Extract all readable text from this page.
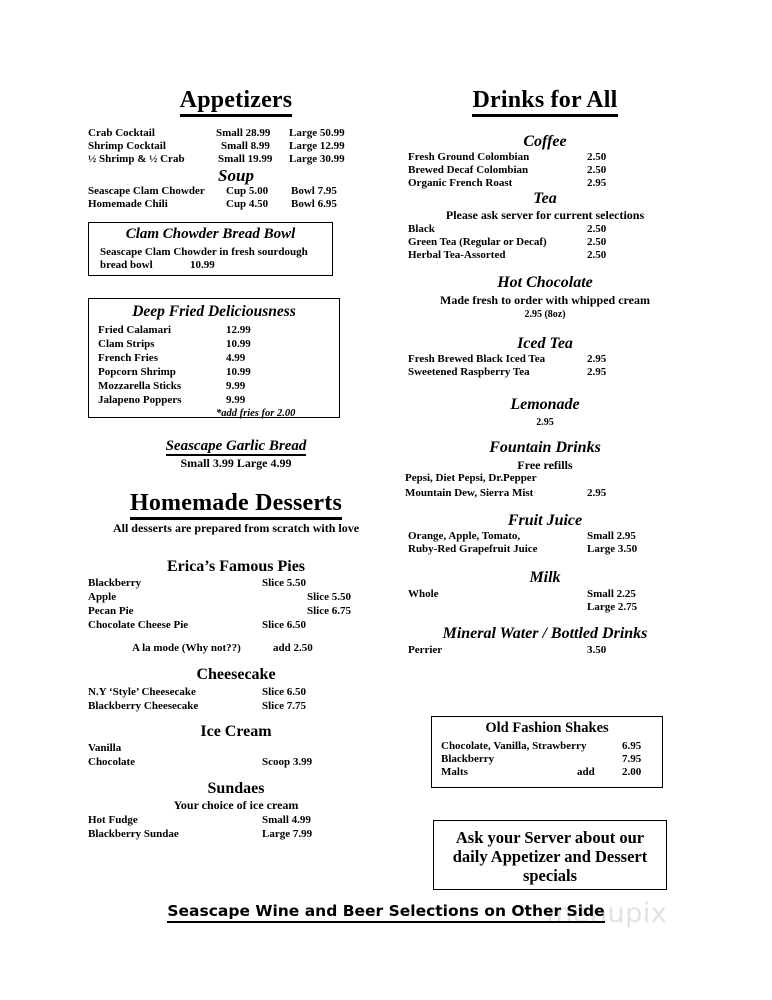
Appetizers
Crab Cocktail	Small 28.99 Large 50.99
Shrimp Cocktail	Small 8.99 Large 12.99
½ Shrimp & ½ Crab	Small 19.99 Large 30.99
Soup
Seascape Clam Chowder Cup 5.00 Bowl 7.95
Homemade Chili	Cup 4.50 Bowl 6.95
Clam Chowder Bread Bowl
Seascape Clam Chowder in fresh sourdough
bread bowl	10.99
Deep Fried Deliciousness
Fried Calamari	12.99
Clam Strips	10.99
French Fries	4.99
Popcorn Shrimp	10.99
Mozzarella Sticks	9.99
Jalapeno Poppers	9.99
*add fries for 2.00
Seascape Garlic Bread
Small 3.99 Large 4.99
Homemade Desserts
All desserts are prepared from scratch with love
Erica’s Famous Pies
Blackberry	Slice 5.50
Apple	Slice 5.50
Pecan Pie	Slice 6.75
Chocolate Cheese Pie	Slice 6.50
A la mode (Why not??)	add 2.50
Cheesecake
N.Y ‘Style’ Cheesecake	Slice 6.50
Blackberry Cheesecake	Slice 7.75
Ice Cream
Vanilla
Chocolate	Scoop 3.99
Sundaes
Your choice of ice cream
Hot Fudge	Small 4.99
Blackberry Sundae	Large 7.99
Drinks for All
Coffee
Fresh Ground Colombian	2.50
Brewed Decaf Colombian	2.50
Organic French Roast	2.95
Tea
Please ask server for current selections
Black	2.50
Green Tea (Regular or Decaf)	2.50
Herbal Tea-Assorted	2.50
Hot Chocolate
Made fresh to order with whipped cream
2.95 (8oz)
Iced Tea
Fresh Brewed Black Iced Tea	2.95
Sweetened Raspberry Tea	2.95
Lemonade
2.95
Fountain Drinks
Free refills
Pepsi, Diet Pepsi, Dr.Pepper
Mountain Dew, Sierra Mist	2.95
Fruit Juice
Orange, Apple, Tomato,	Small 2.95
Ruby-Red Grapefruit Juice	Large 3.50
Milk
Whole	Small 2.25
Large 2.75
Mineral Water / Bottled Drinks
Perrier	3.50
Old Fashion Shakes
Chocolate, Vanilla, Strawberry	6.95
Blackberry	7.95
Malts	add 2.00
Ask your Server about our
daily Appetizer and Dessert
specials
menupix
Seascape Wine and Beer Selections on Other Side
